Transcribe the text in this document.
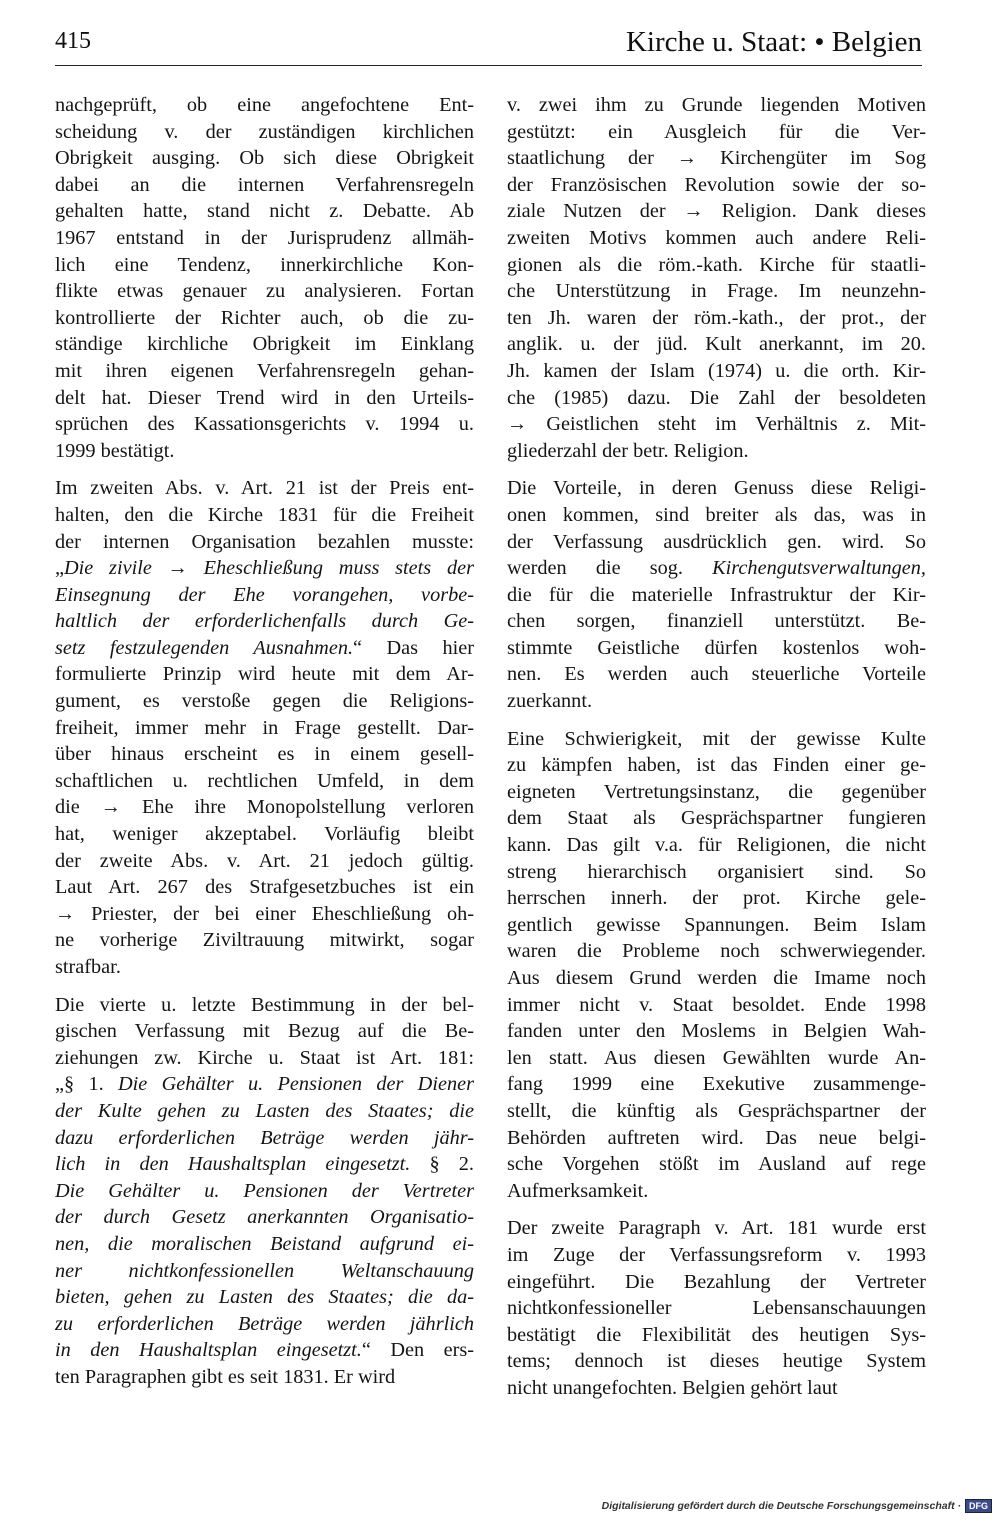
415	Kirche u. Staat: • Belgien
nachgeprüft, ob eine angefochtene Ent-
scheidung v. der zuständigen kirchlichen
Obrigkeit ausging. Ob sich diese Obrigkeit
dabei an die internen Verfahrensregeln
gehalten hatte, stand nicht z. Debatte. Ab
1967 entstand in der Jurisprudenz allmäh-
lich eine Tendenz, innerkirchliche Kon-
flikte etwas genauer zu analysieren. Fortan
kontrollierte der Richter auch, ob die zu-
ständige kirchliche Obrigkeit im Einklang
mit ihren eigenen Verfahrensregeln gehan-
delt hat. Dieser Trend wird in den Urteils-
sprüchen des Kassationsgerichts v. 1994 u.
1999 bestätigt.
Im zweiten Abs. v. Art. 21 ist der Preis ent-
halten, den die Kirche 1831 für die Freiheit
der internen Organisation bezahlen musste:
„Die zivile → Eheschließung muss stets der
Einsegnung der Ehe vorangehen, vorbe-
haltlich der erforderlichenfalls durch Ge-
setz festzulegenden Ausnahmen.“ Das hier
formulierte Prinzip wird heute mit dem Ar-
gument, es verstoße gegen die Religions-
freiheit, immer mehr in Frage gestellt. Dar-
über hinaus erscheint es in einem gesell-
schaftlichen u. rechtlichen Umfeld, in dem
die → Ehe ihre Monopolstellung verloren
hat, weniger akzeptabel. Vorläufig bleibt
der zweite Abs. v. Art. 21 jedoch gültig.
Laut Art. 267 des Strafgesetzbuches ist ein
→ Priester, der bei einer Eheschließung oh-
ne vorherige Ziviltrauung mitwirkt, sogar
strafbar.
Die vierte u. letzte Bestimmung in der bel-
gischen Verfassung mit Bezug auf die Be-
ziehungen zw. Kirche u. Staat ist Art. 181:
„§ 1. Die Gehälter u. Pensionen der Diener
der Kulte gehen zu Lasten des Staates; die
dazu erforderlichen Beträge werden jähr-
lich in den Haushaltsplan eingesetzt. § 2.
Die Gehälter u. Pensionen der Vertreter
der durch Gesetz anerkannten Organisatio-
nen, die moralischen Beistand aufgrund ei-
ner nichtkonfessionellen Weltanschauung
bieten, gehen zu Lasten des Staates; die da-
zu erforderlichen Beträge werden jährlich
in den Haushaltsplan eingesetzt.“ Den ers-
ten Paragraphen gibt es seit 1831. Er wird
v. zwei ihm zu Grunde liegenden Motiven
gestützt: ein Ausgleich für die Ver-
staatlichung der → Kirchengüter im Sog
der Französischen Revolution sowie der so-
ziale Nutzen der → Religion. Dank dieses
zweiten Motivs kommen auch andere Reli-
gionen als die röm.-kath. Kirche für staatli-
che Unterstützung in Frage. Im neunzehn-
ten Jh. waren der röm.-kath., der prot., der
anglik. u. der jüd. Kult anerkannt, im 20.
Jh. kamen der Islam (1974) u. die orth. Kir-
che (1985) dazu. Die Zahl der besoldeten
→ Geistlichen steht im Verhältnis z. Mit-
gliederzahl der betr. Religion.
Die Vorteile, in deren Genuss diese Religi-
onen kommen, sind breiter als das, was in
der Verfassung ausdrücklich gen. wird. So
werden die sog. Kirchengutsverwaltungen,
die für die materielle Infrastruktur der Kir-
chen sorgen, finanziell unterstützt. Be-
stimmte Geistliche dürfen kostenlos woh-
nen. Es werden auch steuerliche Vorteile
zuerkannt.
Eine Schwierigkeit, mit der gewisse Kulte
zu kämpfen haben, ist das Finden einer ge-
eigneten Vertretungsinstanz, die gegenüber
dem Staat als Gesprächspartner fungieren
kann. Das gilt v.a. für Religionen, die nicht
streng hierarchisch organisiert sind. So
herrschen innerh. der prot. Kirche gele-
gentlich gewisse Spannungen. Beim Islam
waren die Probleme noch schwerwiegender.
Aus diesem Grund werden die Imame noch
immer nicht v. Staat besoldet. Ende 1998
fanden unter den Moslems in Belgien Wah-
len statt. Aus diesen Gewählten wurde An-
fang 1999 eine Exekutive zusammenge-
stellt, die künftig als Gesprächspartner der
Behörden auftreten wird. Das neue belgi-
sche Vorgehen stößt im Ausland auf rege
Aufmerksamkeit.
Der zweite Paragraph v. Art. 181 wurde erst
im Zuge der Verfassungsreform v. 1993
eingeführt. Die Bezahlung der Vertreter
nichtkonfessioneller Lebensanschauungen
bestätigt die Flexibilität des heutigen Sys-
tems; dennoch ist dieses heutige System
nicht unangefochten. Belgien gehört laut
Digitalisierung gefördert durch die Deutsche Forschungsgemeinschaft · DFG
